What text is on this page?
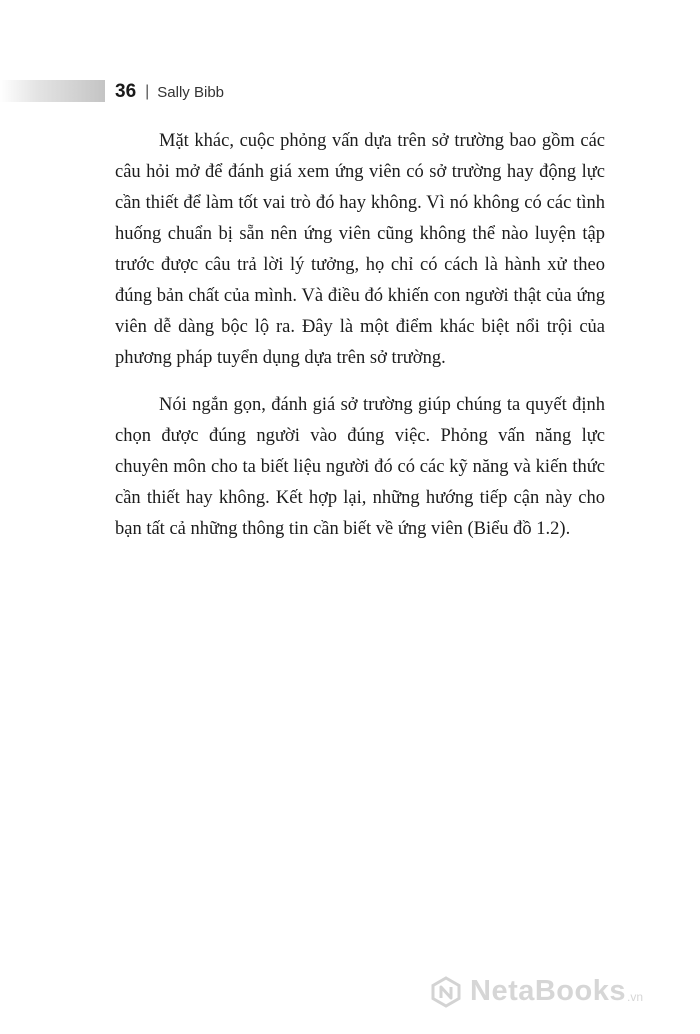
36 | Sally Bibb

Mặt khác, cuộc phỏng vấn dựa trên sở trường bao gồm các câu hỏi mở để đánh giá xem ứng viên có sở trường hay động lực cần thiết để làm tốt vai trò đó hay không. Vì nó không có các tình huống chuẩn bị sẵn nên ứng viên cũng không thể nào luyện tập trước được câu trả lời lý tưởng, họ chỉ có cách là hành xử theo đúng bản chất của mình. Và điều đó khiến con người thật của ứng viên dễ dàng bộc lộ ra. Đây là một điểm khác biệt nổi trội của phương pháp tuyển dụng dựa trên sở trường.

Nói ngắn gọn, đánh giá sở trường giúp chúng ta quyết định chọn được đúng người vào đúng việc. Phỏng vấn năng lực chuyên môn cho ta biết liệu người đó có các kỹ năng và kiến thức cần thiết hay không. Kết hợp lại, những hướng tiếp cận này cho bạn tất cả những thông tin cần biết về ứng viên (Biểu đồ 1.2).

NetaBooks .vn
